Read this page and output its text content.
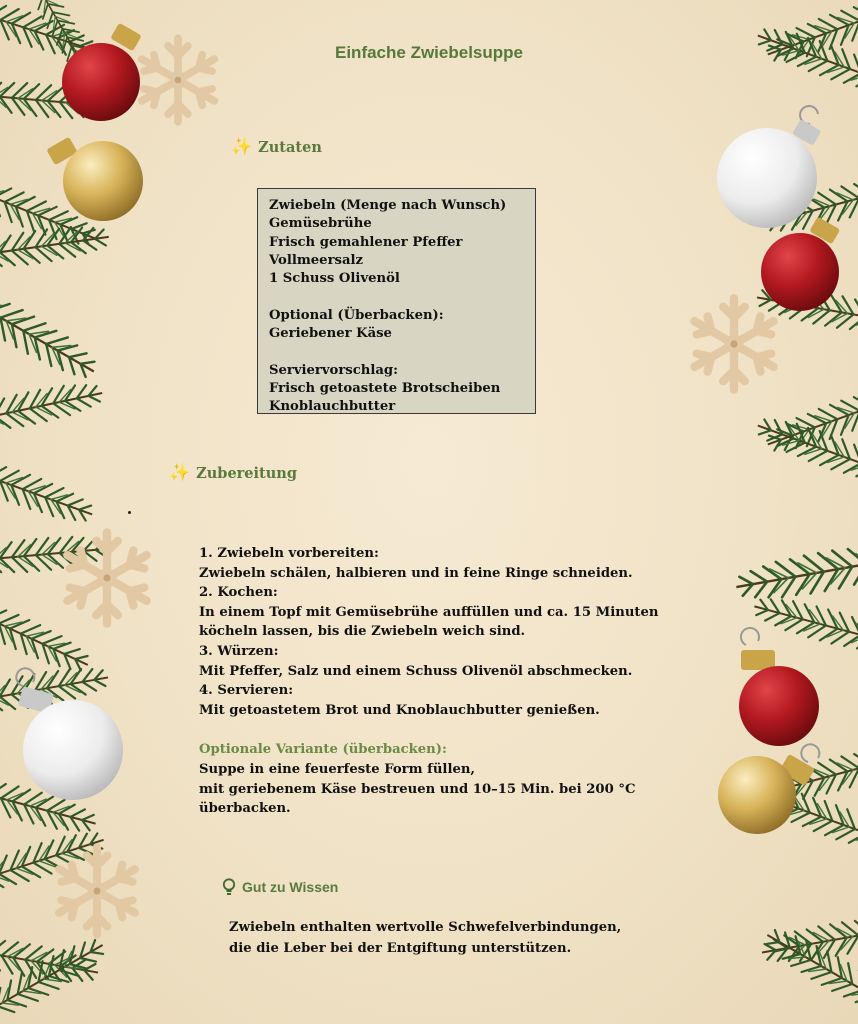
Einfache Zwiebelsuppe
✨ Zutaten
Zwiebeln (Menge nach Wunsch)
Gemüsebrühe
Frisch gemahlener Pfeffer
Vollmeersalz
1 Schuss Olivenöl
Optional (Überbacken):
Geriebener Käse
Serviervorschlag:
Frisch getoastete Brotscheiben
Knoblauchbutter
✨ Zubereitung
1. Zwiebeln vorbereiten:
Zwiebeln schälen, halbieren und in feine Ringe schneiden.
2. Kochen:
In einem Topf mit Gemüsebrühe auffüllen und ca. 15 Minuten
köcheln lassen, bis die Zwiebeln weich sind.
3. Würzen:
Mit Pfeffer, Salz und einem Schuss Olivenöl abschmecken.
4. Servieren:
Mit getoastetem Brot und Knoblauchbutter genießen.
Optionale Variante (überbacken):
Suppe in eine feuerfeste Form füllen,
mit geriebenem Käse bestreuen und 10–15 Min. bei 200 °C
überbacken.
Gut zu Wissen
Zwiebeln enthalten wertvolle Schwefelverbindungen,
die die Leber bei der Entgiftung unterstützen.
